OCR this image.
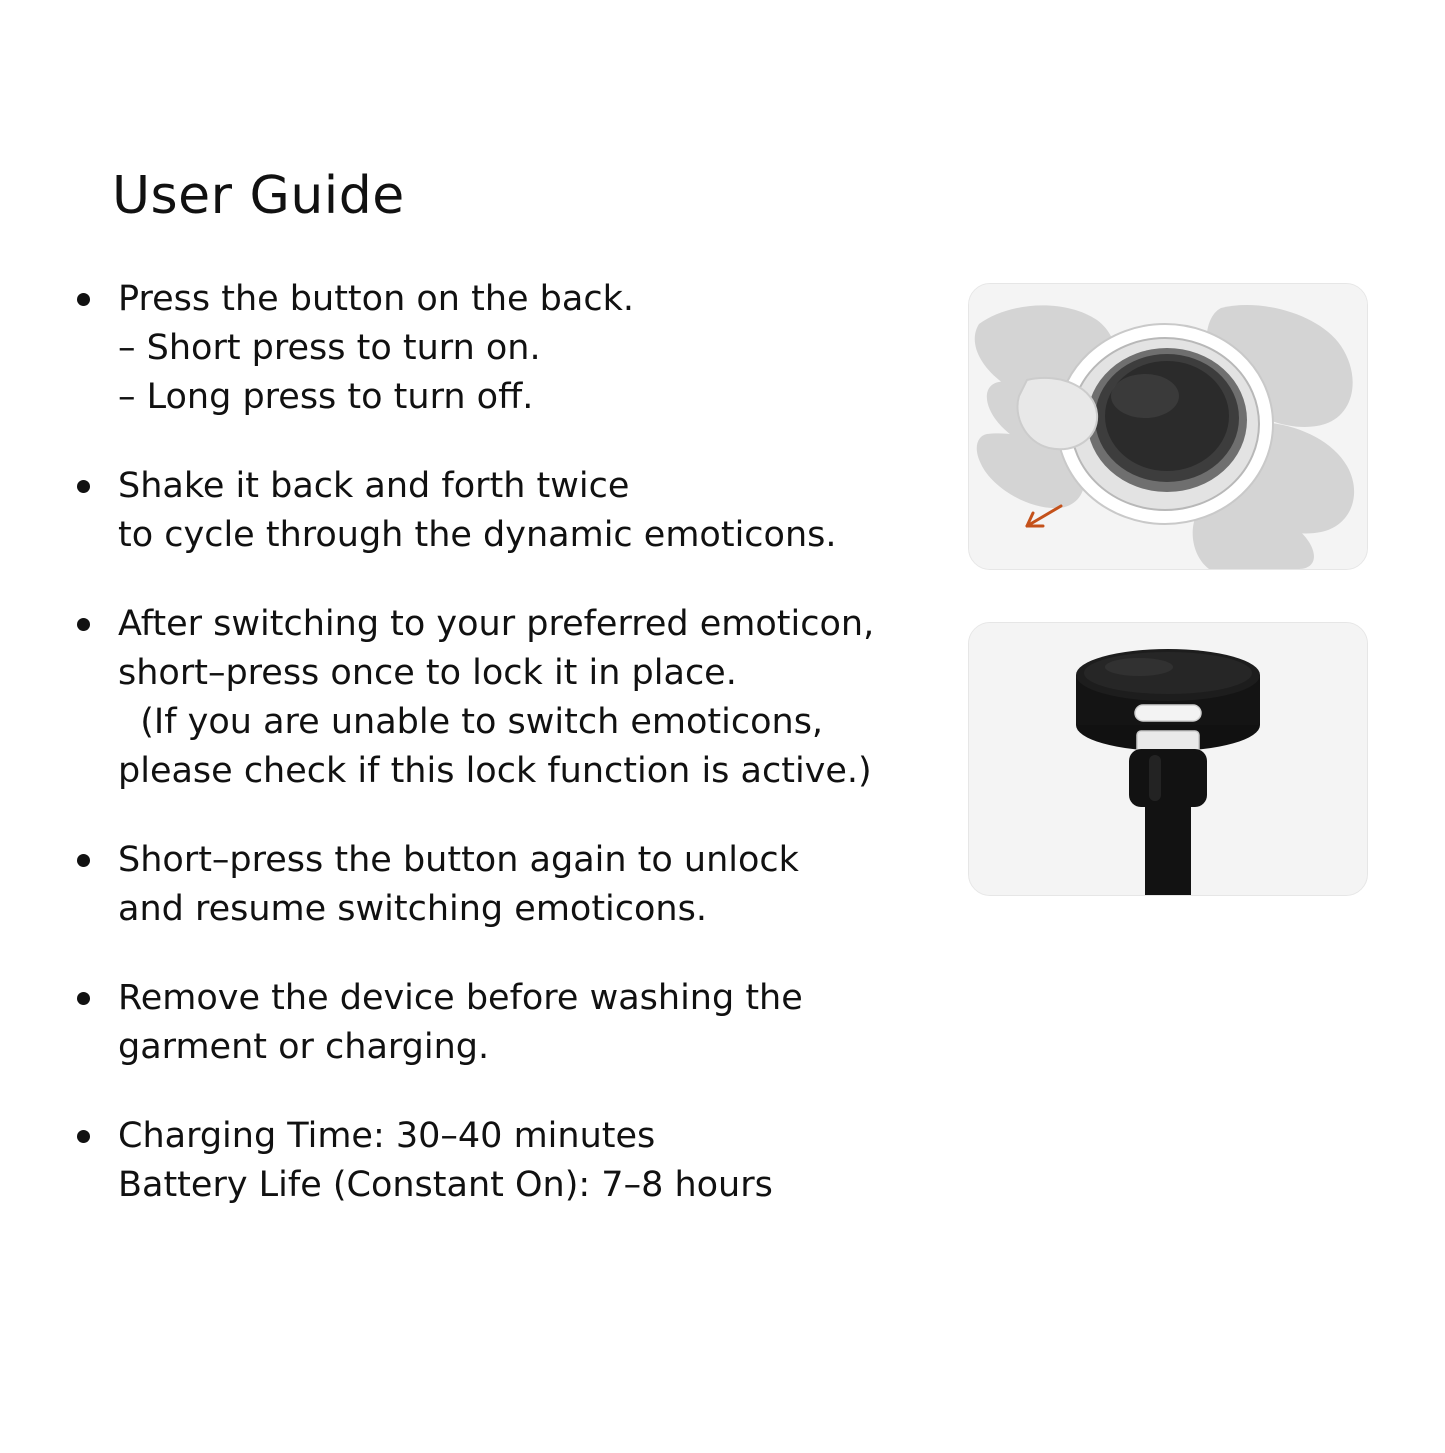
User Guide
Press the button on the back.
– Short press to turn on.
– Long press to turn off.
Shake it back and forth twice
to cycle through the dynamic emoticons.
After switching to your preferred emoticon,
short–press once to lock it in place.
(If you are unable to switch emoticons,
please check if this lock function is active.)
Short–press the button again to unlock
and resume switching emoticons.
Remove the device before washing the
garment or charging.
Charging Time: 30–40 minutes
Battery Life (Constant On): 7–8 hours
